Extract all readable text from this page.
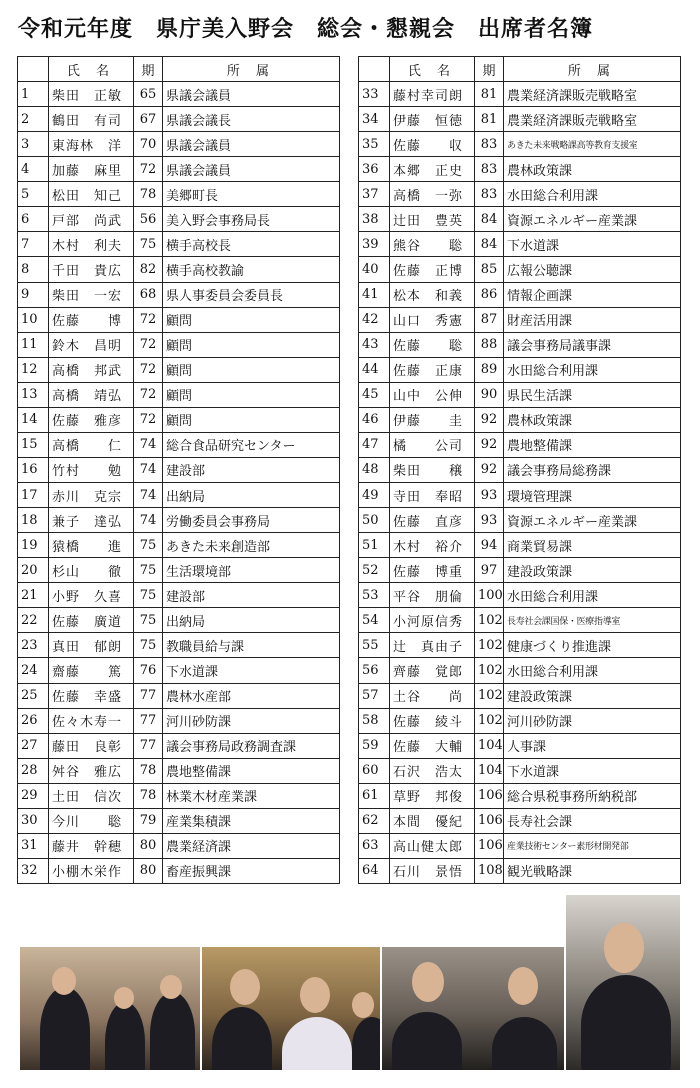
令和元年度　県庁美入野会　総会・懇親会　出席者名簿
	氏 名	期	所 属
1	柴田　正敏	65	県議会議員
2	鶴田　有司	67	県議会議長
3	東海林　洋	70	県議会議員
4	加藤　麻里	72	県議会議員
5	松田　知己	78	美郷町長
6	戸部　尚武	56	美入野会事務局長
7	木村　利夫	75	横手高校長
8	千田　貴広	82	横手高校教諭
9	柴田　一宏	68	県人事委員会委員長
10	佐藤　　博	72	顧問
11	鈴木　昌明	72	顧問
12	高橋　邦武	72	顧問
13	高橋　靖弘	72	顧問
14	佐藤　雅彦	72	顧問
15	高橋　　仁	74	総合食品研究センター
16	竹村　　勉	74	建設部
17	赤川　克宗	74	出納局
18	兼子　達弘	74	労働委員会事務局
19	猿橋　　進	75	あきた未来創造部
20	杉山　　徹	75	生活環境部
21	小野　久喜	75	建設部
22	佐藤　廣道	75	出納局
23	真田　郁朗	75	教職員給与課
24	齋藤　　篤	76	下水道課
25	佐藤　幸盛	77	農林水産部
26	佐々木寿一	77	河川砂防課
27	藤田　良彰	77	議会事務局政務調査課
28	舛谷　雅広	78	農地整備課
29	土田　信次	78	林業木材産業課
30	今川　　聡	79	産業集積課
31	藤井　幹穂	80	農業経済課
32	小棚木栄作	80	畜産振興課
	氏 名	期	所 属
33	藤村幸司朗	81	農業経済課販売戦略室
34	伊藤　恒徳	81	農業経済課販売戦略室
35	佐藤　　収	83	あきた未来戦略課高等教育支援室
36	本郷　正史	83	農林政策課
37	高橋　一弥	83	水田総合利用課
38	辻田　豊英	84	資源エネルギー産業課
39	熊谷　　聡	84	下水道課
40	佐藤　正博	85	広報公聴課
41	松本　和義	86	情報企画課
42	山口　秀憲	87	財産活用課
43	佐藤　　聡	88	議会事務局議事課
44	佐藤　正康	89	水田総合利用課
45	山中　公伸	90	県民生活課
46	伊藤　　圭	92	農林政策課
47	橘　　公司	92	農地整備課
48	柴田　　穣	92	議会事務局総務課
49	寺田　奉昭	93	環境管理課
50	佐藤　直彦	93	資源エネルギー産業課
51	木村　裕介	94	商業貿易課
52	佐藤　博重	97	建設政策課
53	平谷　朋倫	100	水田総合利用課
54	小河原信秀	102	長寿社会課国保・医療指導室
55	辻　真由子	102	健康づくり推進課
56	齊藤　覚郎	102	水田総合利用課
57	土谷　　尚	102	建設政策課
58	佐藤　綾斗	102	河川砂防課
59	佐藤　大輔	104	人事課
60	石沢　浩太	104	下水道課
61	草野　邦俊	106	総合県税事務所納税部
62	本間　優紀	106	長寿社会課
63	高山健太郎	106	産業技術センター素形材開発部
64	石川　景悟	108	観光戦略課
